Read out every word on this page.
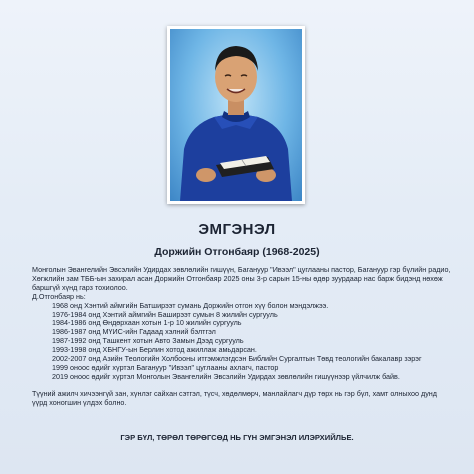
ЭМГЭНЭЛ
Доржийн Отгонбаяр (1968-2025)

Монголын Эвангелийн Эвсэлийн Удирдах зөвлөлийн гишүүн, Багануур "Ивээл" цуглааны пастор, Багануур гэр бүлийн радио, Хөгжлийн зам ТББ-ын захирал асан Доржийн Отгонбаяр 2025 оны 3-р сарын 15-ны өдөр зуурдаар нас барж бидэнд нөхөж баршгүй хүнд гарз тохиолоо.

Д.Отгонбаяр нь:

1968 онд Хэнтий аймгийн Батширээт сумань Доржийн отгон хүү болон мэндэлжээ.
1976-1984 онд Хэнтий аймгийн Баширээт сумын 8 жилийн сургууль
1984-1986 онд Өндөрхаан хотын 1-р 10 жилийн сургууль
1986-1987 онд МҮИС-ийн Гадаад хэлний бэлтгэл
1987-1992 онд Ташкент хотын Авто Замын Дээд сургууль
1993-1998 онд ХБНГУ-ын Берлин хотод ажиллаж амьдарсан.
2002-2007 онд Азийн Теологийн Холбооны итгэмжлэгдсэн Библийн Сургалтын Төвд теологийн бакалавр зэрэг
1999 оноос өдийг хүртэл Багануур "Ивээл" цуглааны ахлагч, пастор
2019 оноос өдийг хүртэл Монголын Эвангелийн Эвсэлийн Удирдах зөвлөлийн гишүүнээр үйлчилж байв.

Түүний ажилч хичээнгүй зан, хүнлэг сайхан сэтгэл, түсч, хөдөлмөрч, манлайлагч дүр төрх нь гэр бүл, хамт олныхоо дунд үүрд хоногшин үлдэх болно.

ГЭР БҮЛ, ТӨРӨЛ ТӨРӨГСӨД НЬ ГҮН ЭМГЭНЭЛ ИЛЭРХИЙЛЬЕ.
